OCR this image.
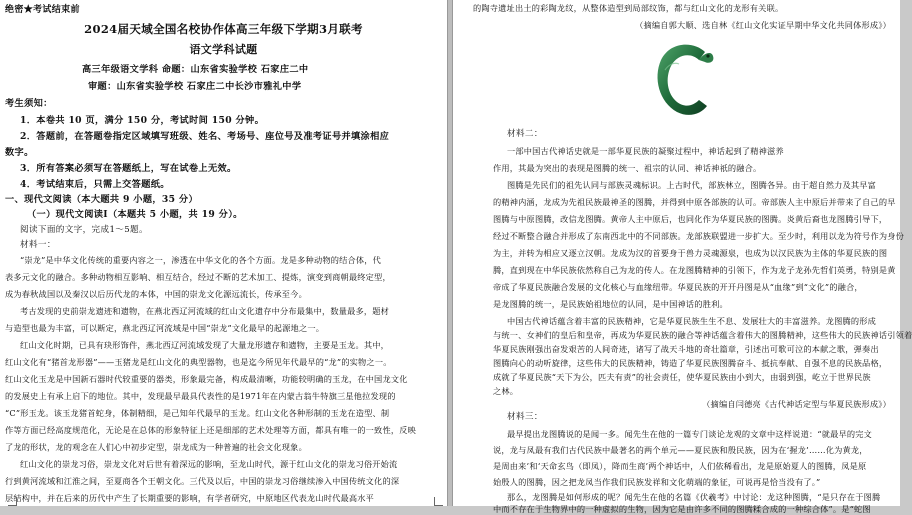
绝密★考试结束前
2024届天域全国名校协作体高三年级下学期3月联考
语文学科试题
高三年级语文学科 命题：山东省实验学校 石家庄二中
审题：山东省实验学校 石家庄二中长沙市雅礼中学
考生须知：
1．本卷共 10 页，满分 150 分，考试时间 150 分钟。
2．答题前，在答题卷指定区域填写班级、姓名、考场号、座位号及准考证号并填涂相应
数字。
3．所有答案必须写在答题纸上，写在试卷上无效。
4．考试结束后，只需上交答题纸。
一、现代文阅读（本大题共 9 小题，35 分）
（一）现代文阅读Ⅰ（本题共 5 小题，共 19 分）。
阅读下面的文字，完成1～5题。
材料一：
“崇龙”是中华文化传统的重要内容之一，渗透在中华文化的各个方面。龙是多种动物的结合体，代
表多元文化的融合。多种动物相互影响、相互结合，经过不断的艺术加工、提炼，演变到商朝最终定型，
成为春秋战国以及秦汉以后历代龙的本体，中国的崇龙文化源远流长，传承至今。
考古发现的史前崇龙遗迹和遗物，在燕北西辽河流域的红山文化遗存中分布最集中，数量最多，题材
与造型也最为丰富，可以断定，燕北西辽河流域是中国“崇龙”文化最早的起源地之一。
红山文化时期，已具有玦形饰件，燕北西辽河流域发现了大量龙形遗存和遗物，主要是玉龙。其中，
红山文化有“猪首龙形器”——玉猪龙是红山文化的典型器物，也是迄今所见年代最早的“龙”的实物之一。
红山文化玉龙是中国新石器时代较重要的器类，形象最完备，构成最清晰，功能较明确的玉龙，在中国龙文化
的发展史上有承上启下的地位。其中，发现最早最具代表性的是1971年在内蒙古翁牛特旗三星他拉发现的
“C”形玉龙。该玉龙猪首蛇身，体制精细，是己知年代最早的玉龙。红山文化各种形制的玉龙在造型、制
作等方面已经高度规范化，无论是在总体的形象特征上还是细部的艺术处理等方面，都具有唯一的一致性，反映
了龙的形状，龙的观念在人们心中初步定型，崇龙成为一种普遍的社会文化现象。
红山文化的崇龙习俗，崇龙文化对后世有着深远的影响，至龙山时代，源于红山文化的崇龙习俗开始流
行到黄河流域和江淮之间，至夏商各个王朝文化。三代及以后，中国的崇龙习俗继续渗入中国传统文化的深
层结构中，并在后来的历代中产生了长期重要的影响，有学者研究，中原地区代表龙山时代最高水平
的陶寺遗址出土的彩陶龙纹，从整体造型到局部纹饰，都与红山文化的龙形有关联。
（摘编自郭大顺、选自林《红山文化实证早期中华文化共同体形成》）
材料二：
一部中国古代神话史就是一部华夏民族的凝聚过程中，神话起到了精神滋养
作用，其最为突出的表现是图腾的统一、祖宗的认同、神话神祇的融合。
图腾是先民们的祖先认同与部族灵魂标识。上古时代，部族林立，图腾各异。由于超自然力及其早富
的精神内涵，龙成为先祖民族最神圣的图腾，并得到中原各部族的认可。帝部族人主中原后并带来了自己的早
图腾与中原图腾，改信龙图腾。黄帝人主中原后，也同化作为华夏民族的图腾。炎黄后裔也龙图腾引导下，
经过不断整合融合并形成了东南西北中的不同部族。龙部族联盟进一步扩大。至少时，利用以龙为符号作为身份
为主，并转为相应又逐立汉朝。龙成为汉的首要身于兽力灵魂源泉，也成为以汉民族为主体的华夏民族的图
腾，直到现在中华民族依然称自己为龙的传人。在龙图腾精神的引领下，作为龙子龙孙先哲们英勇，特别是黄
帝成了华夏民族融合发展的文化核心与血缘纽带。华夏民族的开开丹图是从“血缘”到“文化”的融合，
是龙图腾的统一，是民族始祖地位的认同，是中国神话的胜利。
中国古代神话蕴含着丰富的民族精神，它是华夏民族生生不息、发展壮大的丰富滋养。龙图腾的形成
与统一、女神们的皇后和皇帝，再成为华夏民族的融合等神话蕴含着伟大的图腾精神，这些伟大的民族神话引领着
华夏民族刚强出奋发艰苦的人间奇迹，诸写了战天斗地的奇壮篇章，引述出可歌可泣的本献之歌，弹奏出
图腾向心的动听旋律，这些伟大的民族精神，铸造了华夏民族图腾奋斗、抵抗奉献、自强不息的民族品格，
成就了华夏民族“天下为公，匹夫有责”的社会责任，使华夏民族由小到大，由弱到强，屹立于世界民族
之林。
（摘编自闫德亮《古代神话定型与华夏民族形成》）
材料三：
最早提出龙图腾说的是闻一多。闻先生在他的一篇专门谈论龙观的文章中这样说道：“就最早的完文
说，龙与凤最有我们古代民族中最著名的两个单元——夏民族和殷民族，因为在‘握龙’……化为黄龙，
是周由来’和‘天命玄鸟（即凤），降而生商’两个神话中，人们依稀看出，龙是原始夏人的图腾，凤是原
始殷人的图腾，因之把龙凤当作我们民族发祥和文化萌端的象征，可说再是恰当没有了。”
那么，龙图腾是如何形成的呢？闻先生在他的名篇《伏羲考》中讨论：龙这种图腾，“是只存在于图腾
中而不存在于生物界中的一种虚拟的生物，因为它是由许多不同的图腾糅合成的一种综合体”。是“蛇图
